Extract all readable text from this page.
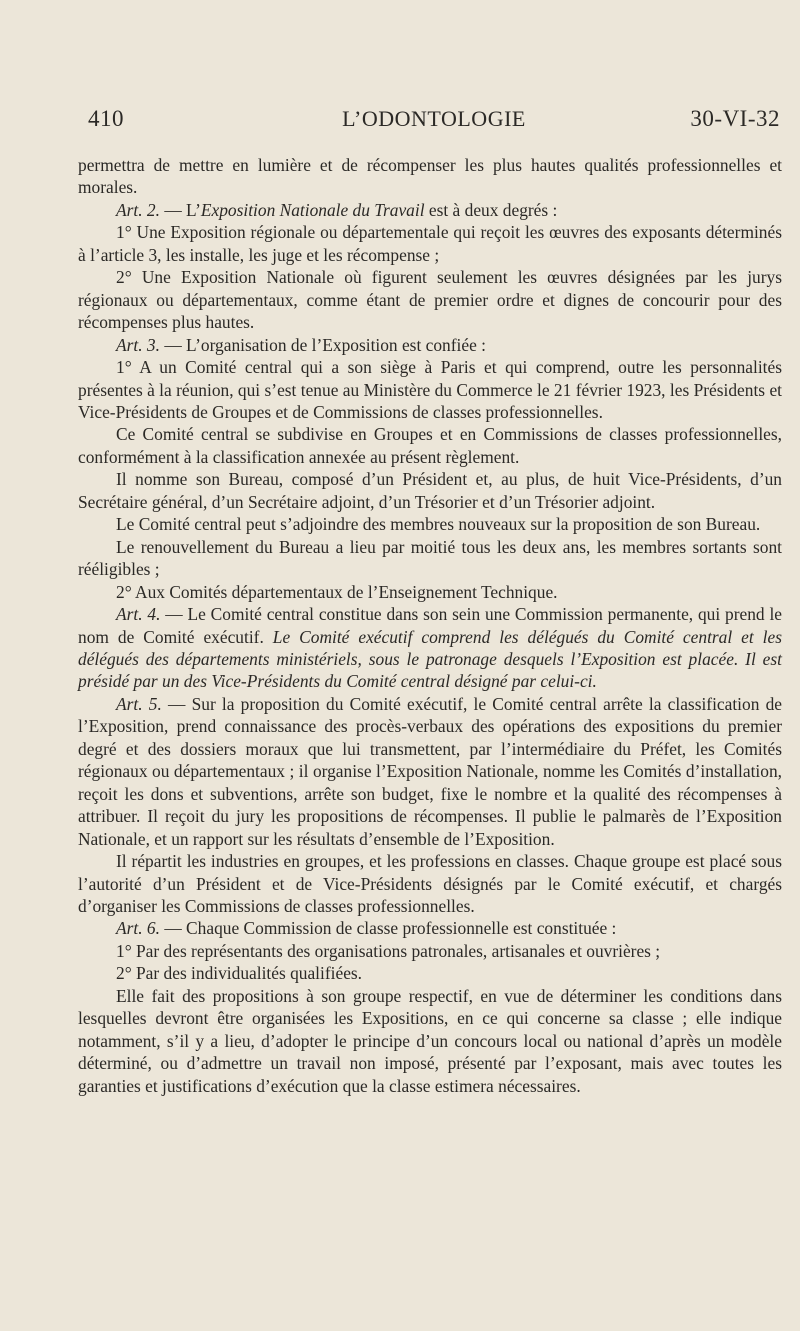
410	L’ODONTOLOGIE	30-VI-32

permettra de mettre en lumière et de récompenser les plus hautes qualités professionnelles et morales.

Art. 2. — L’Exposition Nationale du Travail est à deux degrés :

1° Une Exposition régionale ou départementale qui reçoit les œuvres des exposants déterminés à l’article 3, les installe, les juge et les récompense ;

2° Une Exposition Nationale où figurent seulement les œuvres désignées par les jurys régionaux ou départementaux, comme étant de premier ordre et dignes de concourir pour des récompenses plus hautes.

Art. 3. — L’organisation de l’Exposition est confiée :

1° A un Comité central qui a son siège à Paris et qui comprend, outre les personnalités présentes à la réunion, qui s’est tenue au Ministère du Commerce le 21 février 1923, les Présidents et Vice-Présidents de Groupes et de Commissions de classes professionnelles.

Ce Comité central se subdivise en Groupes et en Commissions de classes professionnelles, conformément à la classification annexée au présent règlement.

Il nomme son Bureau, composé d’un Président et, au plus, de huit Vice-Présidents, d’un Secrétaire général, d’un Secrétaire adjoint, d’un Trésorier et d’un Trésorier adjoint.

Le Comité central peut s’adjoindre des membres nouveaux sur la proposition de son Bureau.

Le renouvellement du Bureau a lieu par moitié tous les deux ans, les membres sortants sont rééligibles ;

2° Aux Comités départementaux de l’Enseignement Technique.

Art. 4. — Le Comité central constitue dans son sein une Commission permanente, qui prend le nom de Comité exécutif. Le Comité exécutif comprend les délégués du Comité central et les délégués des départements ministériels, sous le patronage desquels l’Exposition est placée. Il est présidé par un des Vice-Présidents du Comité central désigné par celui-ci.

Art. 5. — Sur la proposition du Comité exécutif, le Comité central arrête la classification de l’Exposition, prend connaissance des procès-verbaux des opérations des expositions du premier degré et des dossiers moraux que lui transmettent, par l’intermédiaire du Préfet, les Comités régionaux ou départementaux ; il organise l’Exposition Nationale, nomme les Comités d’installation, reçoit les dons et subventions, arrête son budget, fixe le nombre et la qualité des récompenses à attribuer. Il reçoit du jury les propositions de récompenses. Il publie le palmarès de l’Exposition Nationale, et un rapport sur les résultats d’ensemble de l’Exposition.

Il répartit les industries en groupes, et les professions en classes. Chaque groupe est placé sous l’autorité d’un Président et de Vice-Présidents désignés par le Comité exécutif, et chargés d’organiser les Commissions de classes professionnelles.

Art. 6. — Chaque Commission de classe professionnelle est constituée :

1° Par des représentants des organisations patronales, artisanales et ouvrières ;

2° Par des individualités qualifiées.

Elle fait des propositions à son groupe respectif, en vue de déterminer les conditions dans lesquelles devront être organisées les Expositions, en ce qui concerne sa classe ; elle indique notamment, s’il y a lieu, d’adopter le principe d’un concours local ou national d’après un modèle déterminé, ou d’admettre un travail non imposé, présenté par l’exposant, mais avec toutes les garanties et justifications d’exécution que la classe estimera nécessaires.
